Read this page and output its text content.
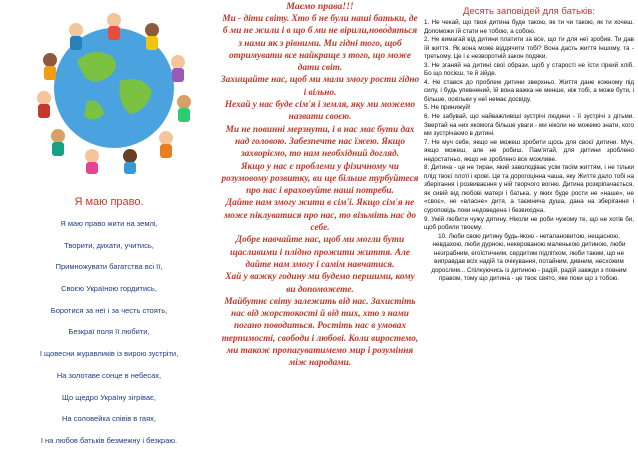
Я маю право.
Я маю право жити на землі,
Творити, дихати, учитись,
Примножувати багатства всі її,
Своєю Україною гордитись,
Боротися за неї і за честь стоять,
Безкраї поля її любити,
І щовесни журавликів із вирою зустріти,
На золотаве сонце в небесах,
Що щедро Україну зігріває,
На соловейка співів в гаях,
І на любов батьків безмежну і безкраю.
Маємо права!!!

Ми - діти світу. Хто б не були наші батьки, де б ми не жили і в що б ми не вірили,ново́дяться з нами як з рівними. Ми гідні того, щоб отримувати все найкраще з того, що може дати світ.

Захищайте нас, щоб ми мали змогу рости гідно і вільно.

Нехай у нас буде сім'я і земля, яку ми можемо назвати своєю.

Ми не повинні мерзнути, і в нас має бути дах над головою. Забезпечте нас їжею. Якщо захворіємо, то нам необхідний догляд.

Якщо у нас є проблеми у фізичному чи розумовому розвитку, ви ще більше турбуйтеся про нас і враховуйте наші потреби.

Дайте нам змогу жити в сім'ї. Якщо сім'я не може піклуватися про нас, то візьміть нас до себе.

Добре навчайте нас, щоб ми могли бути щасливими і плідно прожити життя. Але дайте нам змогу і самім навчатися.

Хай у важку годину ми будемо першими, кому ви допоможете.

Майбутнє світу залежить від нас. Захистіть нас від жорстокості й від тих, хто з нами погано поводиться. Ростіть нас в умовах терпимості, свободи і любові. Коли виростемо, ми також пропагуватимемо мир і розуміння між народами.

Десять заповідей для батьків:

1. Не чекай, що твоя дитина буде такою, як ти чи такою, як ти хочеш. Допоможи їй стати не тобою, а собою.

2. Не вимагай від дитини платити за все, що ти для неї зробив. Ти дав їй життя. Як вона може віддячити тобі? Вона дасть життя іншому, та - третьому. Це і є незворотній закон подяки.

3. Не зганяй на дитині свої образи, щоб у старості не їсти гіркий хліб. Бо що посієш, те й зійде.

4. Не стався до проблем дитини зверхньо. Життя дане кожному під силу, і будь упевнений, їй вона важка не менше, ніж тобі, а може бути, і більше, оскільки у неї немає досвіду.

5. Не принижуй!

6. Не забувай, що найважливіші зустрічі людини - її зустрічі з дітьми. Звертай на них якомога більше уваги - ми ніколи не можемо знати, кого ми зустрічаємо в дитині.

7. Не муч себе, якщо не можеш зробити щось для своєї дитини. Муч, якщо можеш, але не робиш. Пам'ятай, для дитини зроблено недостатньо, якщо не зроблено все можливе.

8. Дитина - це не тиран, який заволодіває усім твоїм життям, і не тільки плід твоєї плоті і крові. Це та дорогоцінна чаша, яку Життя дало тобі на зберігання і розвиваєння у ній творчого вогню. Дитина розкріпачається, як сивій від любові матері і батька, у яких буде рости не «наше», не «своє», не «власне» дитя, а таємнича душа, дана на зберігання і суроповідь поки недоведена і безвихідна.

9. Умій любити чужу дитину. Ніколи не роби чужому те, що не хотів би, щоб робили твоєму.

10. Люби свою дитину будь-якою - неталановитою, нещасною, невдахою, люби дурною, некерованою маленькою дитиною, люби незграбним, егоїстичним, сердитим підлітком, люби таким, що не виправдав всіх надій та очікування, потайним, дивним, несхожим дорослим... Спілкуючись із дитиною - радій, радій завжди з повним правом, тому що дитина - це твоє свято, яке поки що з тобою.
